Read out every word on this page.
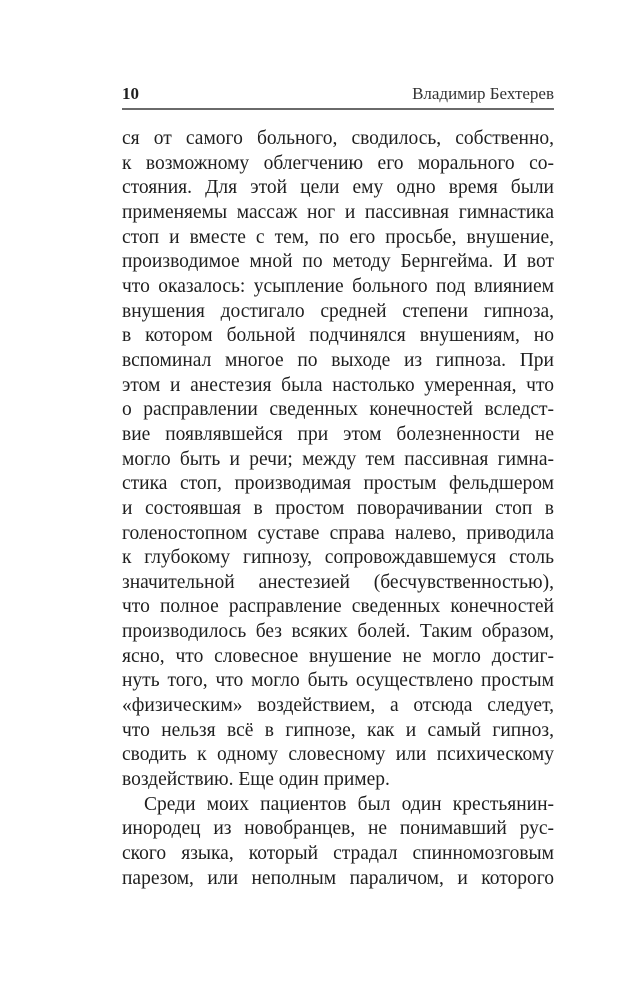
10	Владимир Бехтерев
ся от самого больного, сводилось, собственно,
к возможному облегчению его морального со-
стояния. Для этой цели ему одно время были
применяемы массаж ног и пассивная гимнастика
стоп и вместе с тем, по его просьбе, внушение,
производимое мной по методу Бернгейма. И вот
что оказалось: усыпление больного под влиянием
внушения достигало средней степени гипноза,
в котором больной подчинялся внушениям, но
вспоминал многое по выходе из гипноза. При
этом и анестезия была настолько умеренная, что
о расправлении сведенных конечностей вследст-
вие появлявшейся при этом болезненности не
могло быть и речи; между тем пассивная гимна-
стика стоп, производимая простым фельдшером
и состоявшая в простом поворачивании стоп в
голеностопном суставе справа налево, приводила
к глубокому гипнозу, сопровождавшемуся столь
значительной анестезией (бесчувственностью),
что полное расправление сведенных конечностей
производилось без всяких болей. Таким образом,
ясно, что словесное внушение не могло достиг-
нуть того, что могло быть осуществлено простым
«физическим» воздействием, а отсюда следует,
что нельзя всё в гипнозе, как и самый гипноз,
сводить к одному словесному или психическому
воздействию. Еще один пример.
Среди моих пациентов был один крестьянин-
инородец из новобранцев, не понимавший рус-
ского языка, который страдал спинномозговым
парезом, или неполным параличом, и которого
